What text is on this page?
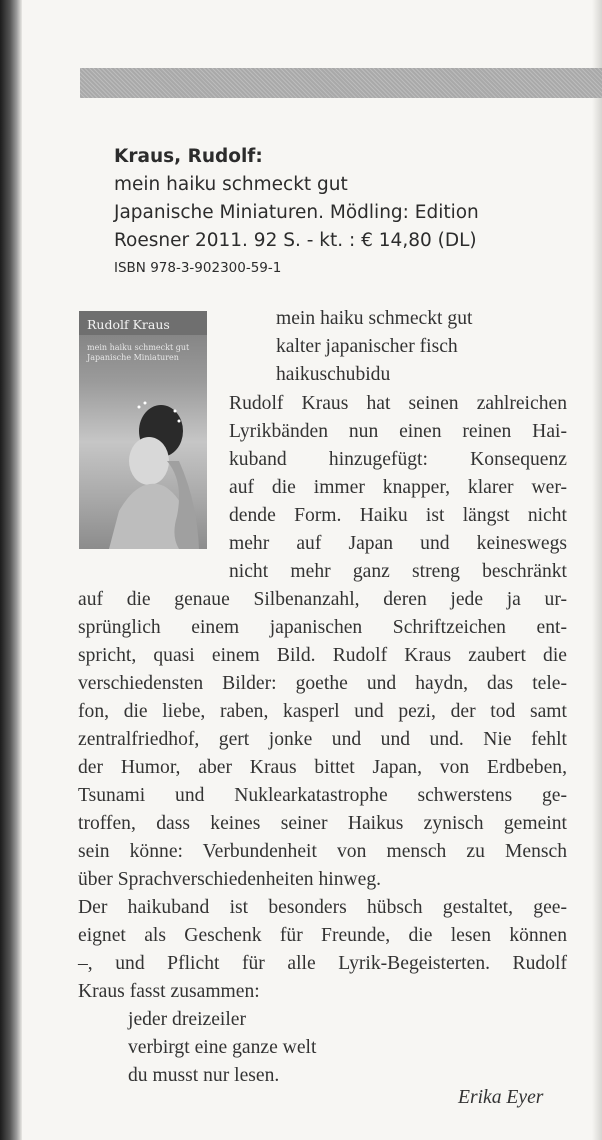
Kraus, Rudolf:
mein haiku schmeckt gut
Japanische Miniaturen. Mödling: Edition
Roesner 2011. 92 S. - kt. : € 14,80 (DL)
ISBN 978-3-902300-59-1
Rudolf Kraus
mein haiku schmeckt gut Japanische Miniaturen
mein haiku schmeckt gut
kalter japanischer fisch
haikuschubidu
Rudolf Kraus hat seinen zahlreichen
Lyrikbänden nun einen reinen Hai-
kuband hinzugefügt: Konsequenz
auf die immer knapper, klarer wer-
dende Form. Haiku ist längst nicht
mehr auf Japan und keineswegs
nicht mehr ganz streng beschränkt
auf die genaue Silbenanzahl, deren jede ja ur-
sprünglich einem japanischen Schriftzeichen ent-
spricht, quasi einem Bild. Rudolf Kraus zaubert die
verschiedensten Bilder: goethe und haydn, das tele-
fon, die liebe, raben, kasperl und pezi, der tod samt
zentralfriedhof, gert jonke und und und. Nie fehlt
der Humor, aber Kraus bittet Japan, von Erdbeben,
Tsunami und Nuklearkatastrophe schwerstens ge-
troffen, dass keines seiner Haikus zynisch gemeint
sein könne: Verbundenheit von mensch zu Mensch
über Sprachverschiedenheiten hinweg.
Der haikuband ist besonders hübsch gestaltet, gee-
eignet als Geschenk für Freunde, die lesen können
–, und Pflicht für alle Lyrik-Begeisterten. Rudolf
Kraus fasst zusammen:
jeder dreizeiler
verbirgt eine ganze welt
du musst nur lesen.
Erika Eyer
